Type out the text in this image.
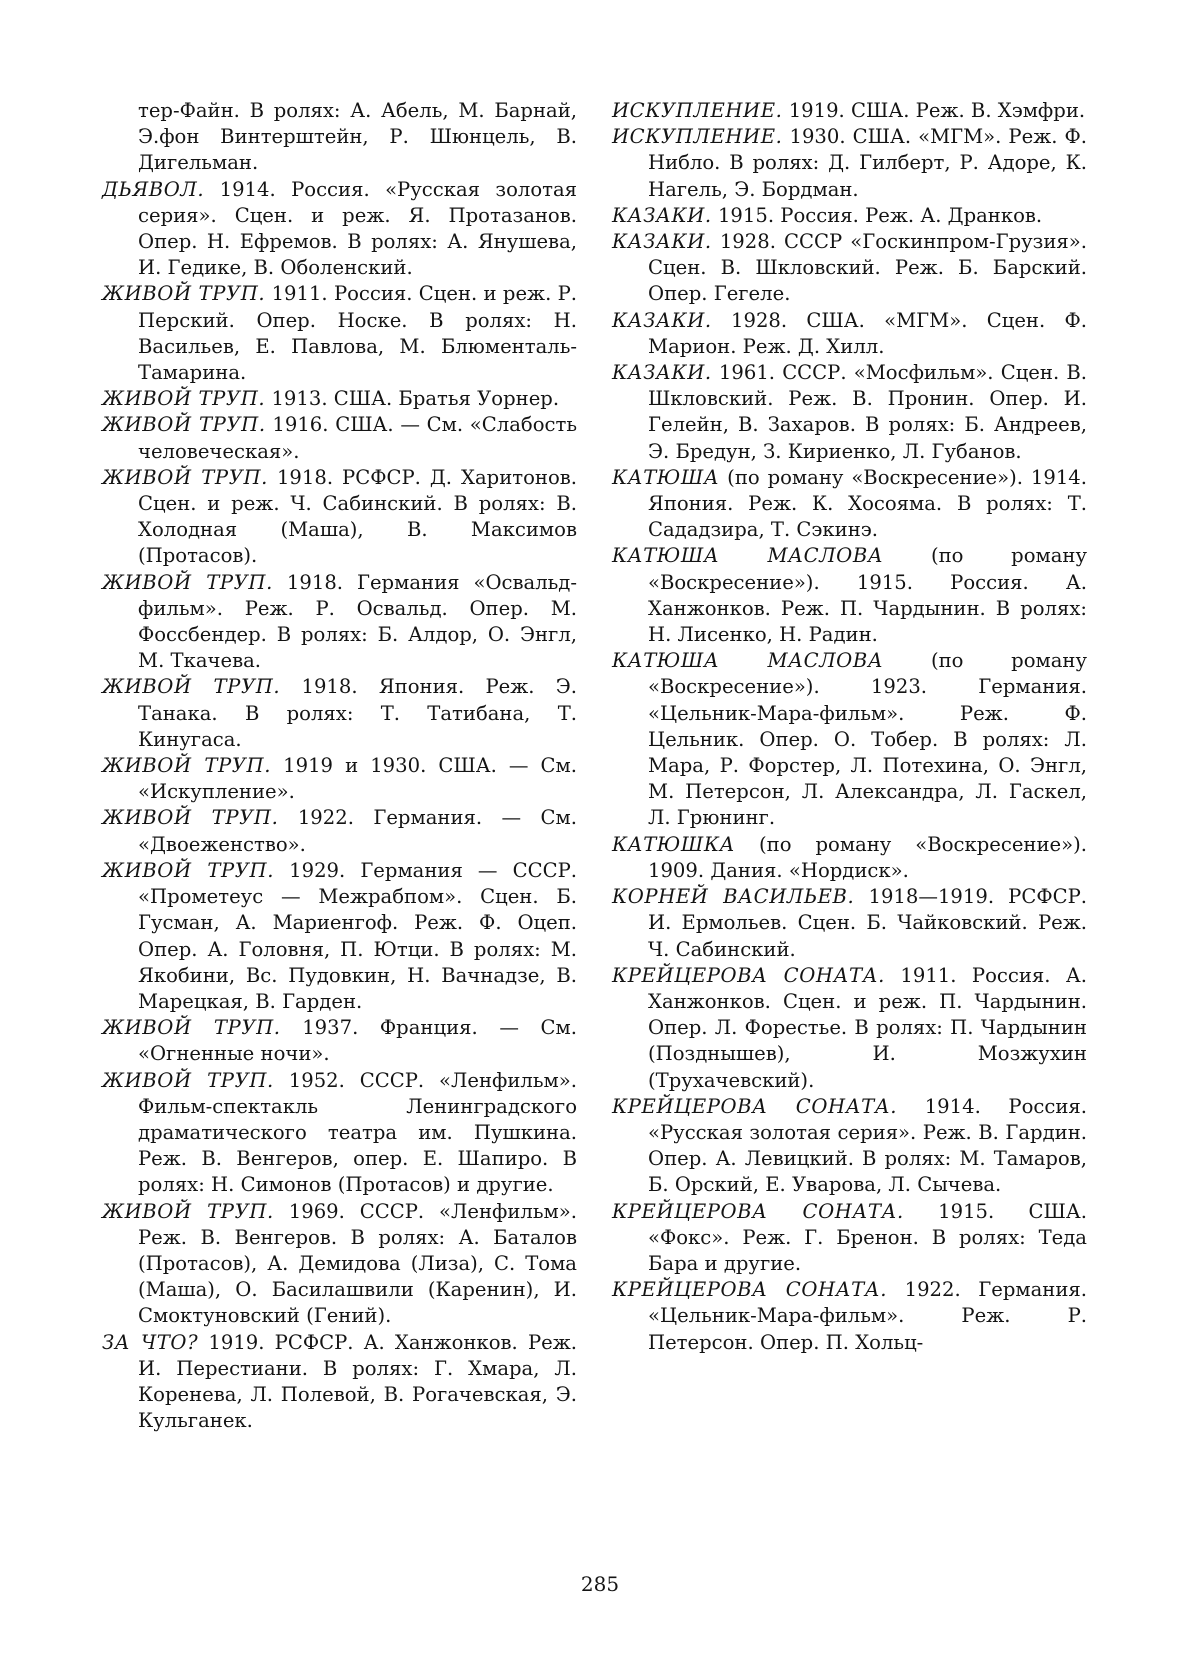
тер-Файн. В ролях: А. Абель, М. Барнай, Э.фон Винтерштейн, Р. Шюнцель, В. Дигельман.

ДЬЯВОЛ. 1914. Россия. «Русская золотая серия». Сцен. и реж. Я. Протазанов. Опер. Н. Ефремов. В ролях: А. Янушева, И. Гедике, В. Оболенский.

ЖИВОЙ ТРУП. 1911. Россия. Сцен. и реж. Р. Перский. Опер. Носке. В ролях: Н. Васильев, Е. Павлова, М. Блюменталь-Тамарина.

ЖИВОЙ ТРУП. 1913. США. Братья Уорнер.

ЖИВОЙ ТРУП. 1916. США. — См. «Слабость человеческая».

ЖИВОЙ ТРУП. 1918. РСФСР. Д. Харитонов. Сцен. и реж. Ч. Сабинский. В ролях: В. Холодная (Маша), В. Максимов (Протасов).

ЖИВОЙ ТРУП. 1918. Германия «Освальд-фильм». Реж. Р. Освальд. Опер. М. Фоссбендер. В ролях: Б. Алдор, О. Энгл, М. Ткачева.

ЖИВОЙ ТРУП. 1918. Япония. Реж. Э. Танака. В ролях: Т. Татибана, Т. Кинугаса.

ЖИВОЙ ТРУП. 1919 и 1930. США. — См. «Искупление».

ЖИВОЙ ТРУП. 1922. Германия. — См. «Двоеженство».

ЖИВОЙ ТРУП. 1929. Германия — СССР. «Прометеус — Межрабпом». Сцен. Б. Гусман, А. Мариенгоф. Реж. Ф. Оцеп. Опер. А. Головня, П. Ютци. В ролях: М. Якобини, Вс. Пудовкин, Н. Вачнадзе, В. Марецкая, В. Гарден.

ЖИВОЙ ТРУП. 1937. Франция. — См. «Огненные ночи».

ЖИВОЙ ТРУП. 1952. СССР. «Ленфильм». Фильм-спектакль Ленинградского драматического театра им. Пушкина. Реж. В. Венгеров, опер. Е. Шапиро. В ролях: Н. Симонов (Протасов) и другие.

ЖИВОЙ ТРУП. 1969. СССР. «Ленфильм». Реж. В. Венгеров. В ролях: А. Баталов (Протасов), А. Демидова (Лиза), С. Тома (Маша), О. Басилашвили (Каренин), И. Смоктуновский (Гений).

ЗА ЧТО? 1919. РСФСР. А. Ханжонков. Реж. И. Перестиани. В ролях: Г. Хмара, Л. Коренева, Л. Полевой, В. Рогачевская, Э. Кульганек.

ИСКУПЛЕНИЕ. 1919. США. Реж. В. Хэмфри.

ИСКУПЛЕНИЕ. 1930. США. «МГМ». Реж. Ф. Нибло. В ролях: Д. Гилберт, Р. Адоре, К. Нагель, Э. Бордман.

КАЗАКИ. 1915. Россия. Реж. А. Дранков.

КАЗАКИ. 1928. СССР «Госкинпром-Грузия». Сцен. В. Шкловский. Реж. Б. Барский. Опер. Гегеле.

КАЗАКИ. 1928. США. «МГМ». Сцен. Ф. Марион. Реж. Д. Хилл.

КАЗАКИ. 1961. СССР. «Мосфильм». Сцен. В. Шкловский. Реж. В. Пронин. Опер. И. Гелейн, В. Захаров. В ролях: Б. Андреев, Э. Бредун, З. Кириенко, Л. Губанов.

КАТЮША (по роману «Воскресение»). 1914. Япония. Реж. К. Хосояма. В ролях: Т. Сададзира, Т. Сэкинэ.

КАТЮША МАСЛОВА (по роману «Воскресение»). 1915. Россия. А. Ханжонков. Реж. П. Чардынин. В ролях: Н. Лисенко, Н. Радин.

КАТЮША МАСЛОВА (по роману «Воскресение»). 1923. Германия. «Цельник-Мара-фильм». Реж. Ф. Цельник. Опер. О. Тобер. В ролях: Л. Мара, Р. Форстер, Л. Потехина, О. Энгл, М. Петерсон, Л. Александра, Л. Гаскел, Л. Грюнинг.

КАТЮШКА (по роману «Воскресение»). 1909. Дания. «Нордиск».

КОРНЕЙ ВАСИЛЬЕВ. 1918—1919. РСФСР. И. Ермольев. Сцен. Б. Чайковский. Реж. Ч. Сабинский.

КРЕЙЦЕРОВА СОНАТА. 1911. Россия. А. Ханжонков. Сцен. и реж. П. Чардынин. Опер. Л. Форестье. В ролях: П. Чардынин (Позднышев), И. Мозжухин (Трухачевский).

КРЕЙЦЕРОВА СОНАТА. 1914. Россия. «Русская золотая серия». Реж. В. Гардин. Опер. А. Левицкий. В ролях: М. Тамаров, Б. Орский, Е. Уварова, Л. Сычева.

КРЕЙЦЕРОВА СОНАТА. 1915. США. «Фокс». Реж. Г. Бренон. В ролях: Теда Бара и другие.

КРЕЙЦЕРОВА СОНАТА. 1922. Германия. «Цельник-Мара-фильм». Реж. Р. Петерсон. Опер. П. Хольц-

285
